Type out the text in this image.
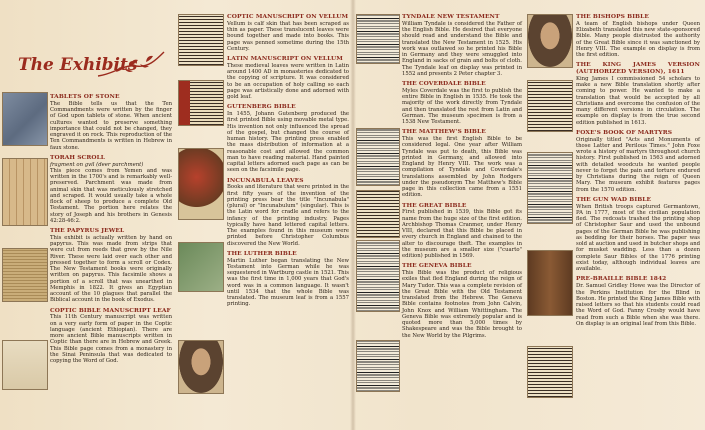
The Exhibits
TABLETS OF STONE
The Bible tells us that the Ten Commandments were written by the finger of God upon tablets of stone. When ancient cultures wanted to preserve something importance that could not be changed, they engraved it on rock. This reproduction of the Ten Commandments is written in Hebrew in faux stone.
TORAH SCROLL
fragment on gvil (deer parchment)
This piece comes from Yemen and was written in the 1700's and is remarkably well-preserved. Parchment was made from animal skin that was meticulously stretched and scraped. It would usually take a whole flock of sheep to produce a complete Old Testament. The portion here relates the story of Joseph and his brothers in Genesis 42:28-46:2.
THE PAPYRUS JEWEL
This exhibit is actually written by hand on papyrus. This was made from strips that were cut from reeds that grew by the Nile River. These were laid over each other and pressed together to form a scroll or Codex. The New Testament books were originally written on papyrus. This facsimile shows a portion of a scroll that was unearthed in Memphis in 1822. It gives an Egyptian account of the 10 plagues that parallel the Biblical account in the book of Exodus.
COPTIC BIBLE MANUSCRIPT LEAF
This 11th Century manuscript was written on a very early form of paper in the Coptic language (ancient Ethiopian). There are more ancient Bible manuscripts written in Coptic than there are in Hebrew and Greek. This Bible page comes from a monastery in the Sinai Peninsula that was dedicated to copying the Word of God.
COPTIC MANUSCRIPT ON VELLUM
Vellum is calf skin that has been scraped as thin as paper. These translucent leaves were bound together and made into books. This page was penned sometime during the 15th Century.
LATIN MANUSCRIPT ON VELLUM
These medieval leaves were written in Latin around 1400 AD in monasteries dedicated to the copying of scripture. It was considered to be an occupation of holy calling so each page was artistically done and adorned with gold leaf.
GUTENBERG BIBLE
In 1455, Johann Gutenberg produced the first printed Bible using movable metal type. His invention not only influenced the spread of the gospel, but changed the course of human history. The printing press enabled the mass distribution of information at a reasonable cost and allowed the common man to have reading material. Hand painted capital letters adorned each page as can be seen on the facsimile page.
INCUNABULA LEAVES
Books and literature that were printed in the first fifty years of the invention of the printing press bear the title "Incunabula" (plural) or "Incunabulum" (singular). This is the Latin word for cradle and refers to the infancy of the printing industry. Pages typically have hand lettered capital letters. The examples found in this museum were printed before Christopher Columbus discovered the New World.
THE LUTHER BIBLE
Martin Luther began translating the New Testament into German while he was sequestered in Wartburg castle in 1521. This was the first time in 1,000 years that God's word was in a common language. It wasn't until 1534 that the whole Bible was translated. The museum leaf is from a 1557 printing.
TYNDALE NEW TESTAMENT
William Tyndale is considered the Father of the English Bible. He desired that everyone should read and understand the Bible and translated the New Testament in 1525. His work was outlawed so he printed his Bible in Germany and they were smuggled into England in sacks of grain and bolts of cloth. The Tyndale leaf on display was printed in 1552 and presents 2 Peter chapter 3.
THE COVERDALE BIBLE
Myles Coverdale was the first to publish the entire Bible in English in 1535. He took the majority of the work directly from Tyndale and then translated the rest from Latin and German. The museum specimen is from a 1538 New Testament.
THE MATTHEW'S BIBLE
This was the first English Bible to be considered legal. One year after William Tyndale was put to death, this Bible was printed in Germany, and allowed into England by Henry VIII. The work was a compilation of Tyndale and Coverdale's translations assembled by John Rodgers under the pseudonym The Matthew's Bible page in this collection came from a 1551 edition.
THE GREAT BIBLE
First published in 1539, this Bible got its name from the huge size of the first edition. Archbishop Thomas Cranmer, under Henry VIII, declared that this Bible be placed in every church in England and chained to the alter to discourage theft. The examples in the museum are a smaller size ("cuarto" edition) published in 1569.
THE GENEVA BIBLE
This Bible was the product of religious exiles that fled England during the reign of Mary Tudor. This was a complete revision of the Great Bible with the Old Testament translated from the Hebrew. The Geneva Bible contains footnotes from John Calvin, John Knox and William Whittingham. The Geneva Bible was extremely popular and is quoted more than 5,000 times by Shakespeare and was the Bible brought to the New World by the Pilgrims.
THE BISHOPS BIBLE
A team of English bishops under Queen Elizabeth translated this new state-sponsored Bible. Many people distrusted the authority of the Great Bible since it was sanctioned by Henry VIII. The example on display is from the first edition.
THE KING JAMES VERSION (AUTHORIZED VERSION), 1611
King James I commissioned 54 scholars to make a new Bible translation shortly after coming to power. He wanted to make a translation that would be accepted by all Christians and overcome the confusion of the many different versions in circulation. The example on display is from the true second edition published in 1613.
FOXE'S BOOK OF MARTYRS
Originally titled "Acts and Monuments of those Latter and Perilous Times." John Foxe wrote a history of martyrs throughout church history. First published in 1563 and adorned with detailed woodcuts he wanted people never to forget the pain and torture endured by Christians during the reign of Queen Mary. The museum exhibit features pages from the 1570 edition.
THE GUN WAD BIBLE
When British troops captured Germantown, PA in 1777, most of the civilian population fled. The redcoats trashed the printing shop of Christopher Saur and used the unbound pages of the German Bible he was publishing as bedding for their horses. The paper was sold at auction and used in butcher shops and for musket wadding. Less than a dozen complete Saur Bibles of the 1776 printing exist today, although individual leaves are available.
PRE-BRAILLE BIBLE 1842
Dr. Samuel Gridley Howe was the Director of the Perkins Institution for the Blind in Boston. He printed the King James Bible with raised letters so that his students could read the Word of God. Fanny Crosby would have read from such a Bible when she was there. On display is an original leaf from this Bible.
